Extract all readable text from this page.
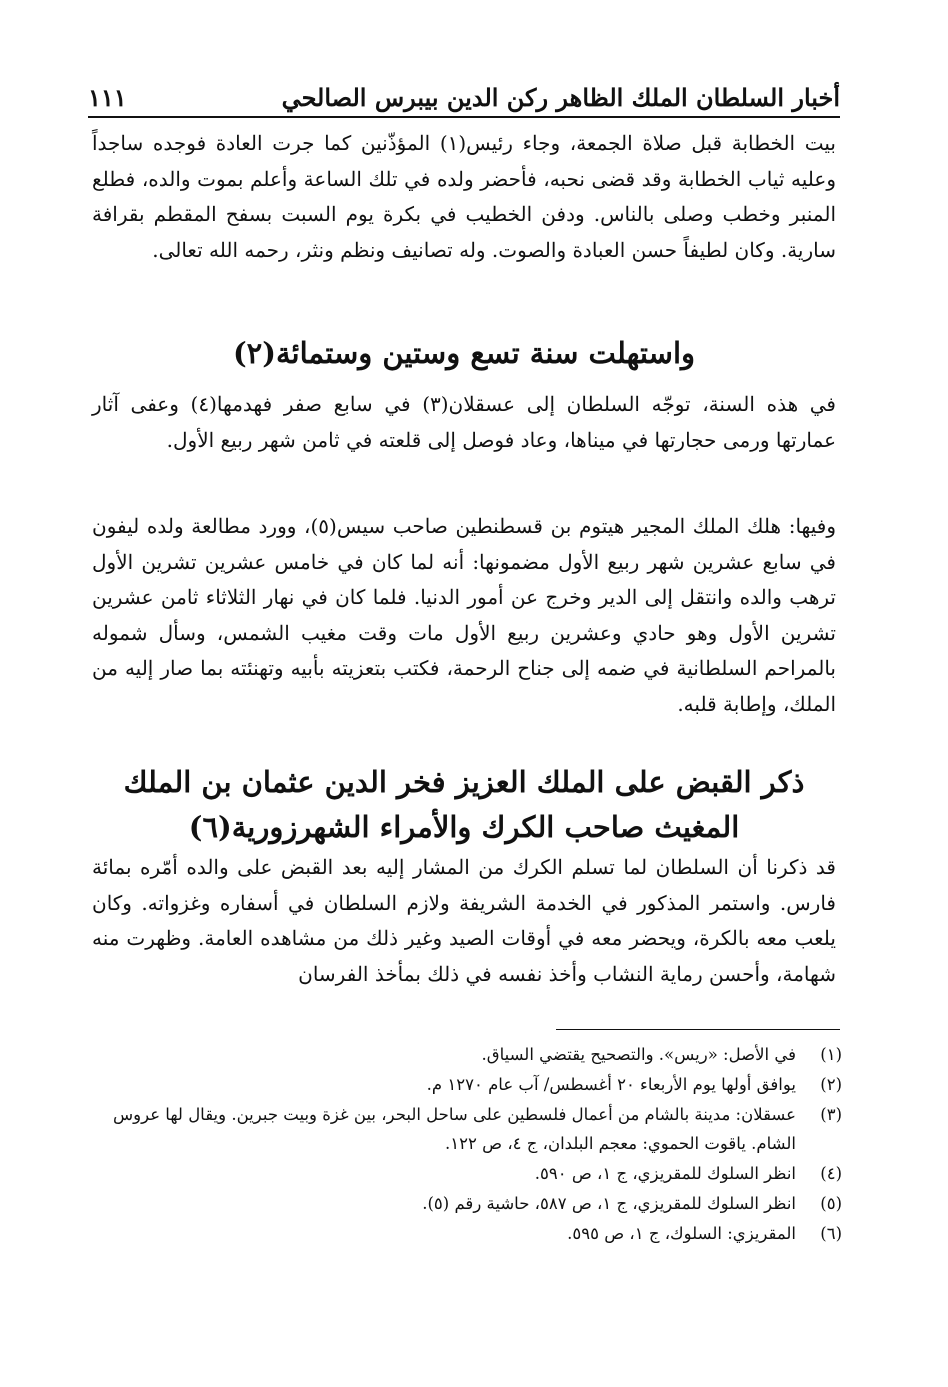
أخبار السلطان الملك الظاهر ركن الدين بيبرس الصالحي
١١١

بيت الخطابة قبل صلاة الجمعة، وجاء رئيس(١) المؤذّنين كما جرت العادة فوجده ساجداً وعليه ثياب الخطابة وقد قضى نحبه، فأحضر ولده في تلك الساعة وأعلم بموت والده، فطلع المنبر وخطب وصلى بالناس. ودفن الخطيب في بكرة يوم السبت بسفح المقطم بقرافة سارية. وكان لطيفاً حسن العبادة والصوت. وله تصانيف ونظم ونثر، رحمه الله تعالى.

واستهلت سنة تسع وستين وستمائة(٢)

في هذه السنة، توجّه السلطان إلى عسقلان(٣) في سابع صفر فهدمها(٤) وعفى آثار عمارتها ورمى حجارتها في ميناها، وعاد فوصل إلى قلعته في ثامن شهر ربيع الأول.

وفيها: هلك الملك المجير هيتوم بن قسطنطين صاحب سيس(٥)، وورد مطالعة ولده ليفون في سابع عشرين شهر ربيع الأول مضمونها: أنه لما كان في خامس عشرين تشرين الأول ترهب والده وانتقل إلى الدير وخرج عن أمور الدنيا. فلما كان في نهار الثلاثاء ثامن عشرين تشرين الأول وهو حادي وعشرين ربيع الأول مات وقت مغيب الشمس، وسأل شموله بالمراحم السلطانية في ضمه إلى جناح الرحمة، فكتب بتعزيته بأبيه وتهنئته بما صار إليه من الملك، وإطابة قلبه.

ذكر القبض على الملك العزيز فخر الدين عثمان بن الملك المغيث صاحب الكرك والأمراء الشهرزورية(٦)

قد ذكرنا أن السلطان لما تسلم الكرك من المشار إليه بعد القبض على والده أمّره بمائة فارس. واستمر المذكور في الخدمة الشريفة ولازم السلطان في أسفاره وغزواته. وكان يلعب معه بالكرة، ويحضر معه في أوقات الصيد وغير ذلك من مشاهده العامة. وظهرت منه شهامة، وأحسن رماية النشاب وأخذ نفسه في ذلك بمأخذ الفرسان

(١)
في الأصل: «ريس». والتصحيح يقتضي السياق.
(٢)
يوافق أولها يوم الأربعاء ٢٠ أغسطس/ آب عام ١٢٧٠ م.
(٣)
عسقلان: مدينة بالشام من أعمال فلسطين على ساحل البحر، بين غزة وبيت جبرين. ويقال لها عروس الشام. ياقوت الحموي: معجم البلدان، ج ٤، ص ١٢٢.
(٤)
انظر السلوك للمقريزي، ج ١، ص ٥٩٠.
(٥)
انظر السلوك للمقريزي، ج ١، ص ٥٨٧، حاشية رقم (٥).
(٦)
المقريزي: السلوك، ج ١، ص ٥٩٥.
